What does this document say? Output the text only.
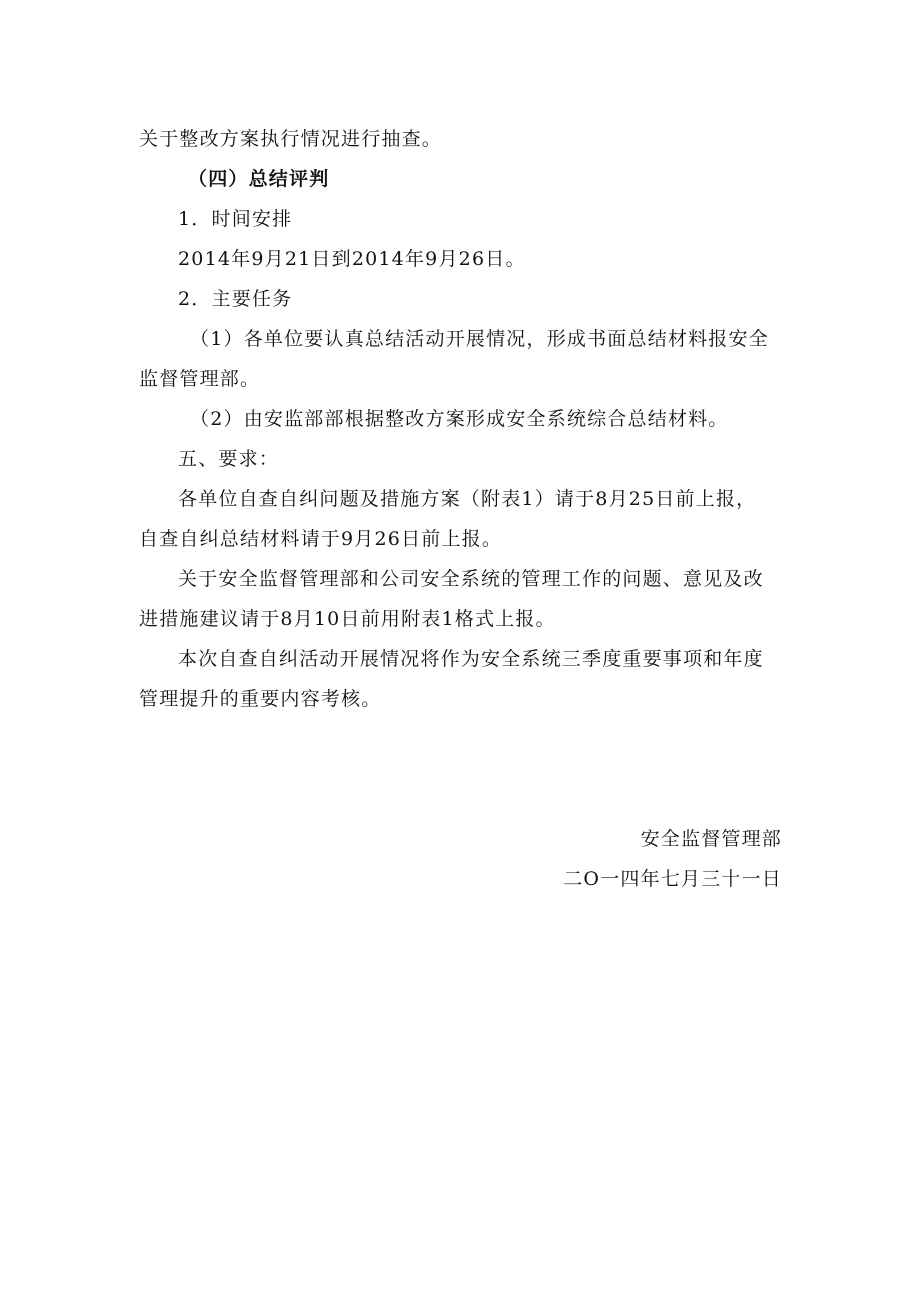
关于整改方案执行情况进行抽查。
（四）总结评判
1．时间安排
2014年9月21日到2014年9月26日。
2．主要任务
（1）各单位要认真总结活动开展情况，形成书面总结材料报安全
监督管理部。
（2）由安监部部根据整改方案形成安全系统综合总结材料。
五、要求：
各单位自查自纠问题及措施方案（附表1）请于8月25日前上报，
自查自纠总结材料请于9月26日前上报。
关于安全监督管理部和公司安全系统的管理工作的问题、意见及改
进措施建议请于8月10日前用附表1格式上报。
本次自查自纠活动开展情况将作为安全系统三季度重要事项和年度
管理提升的重要内容考核。
安全监督管理部
二O一四年七月三十一日
